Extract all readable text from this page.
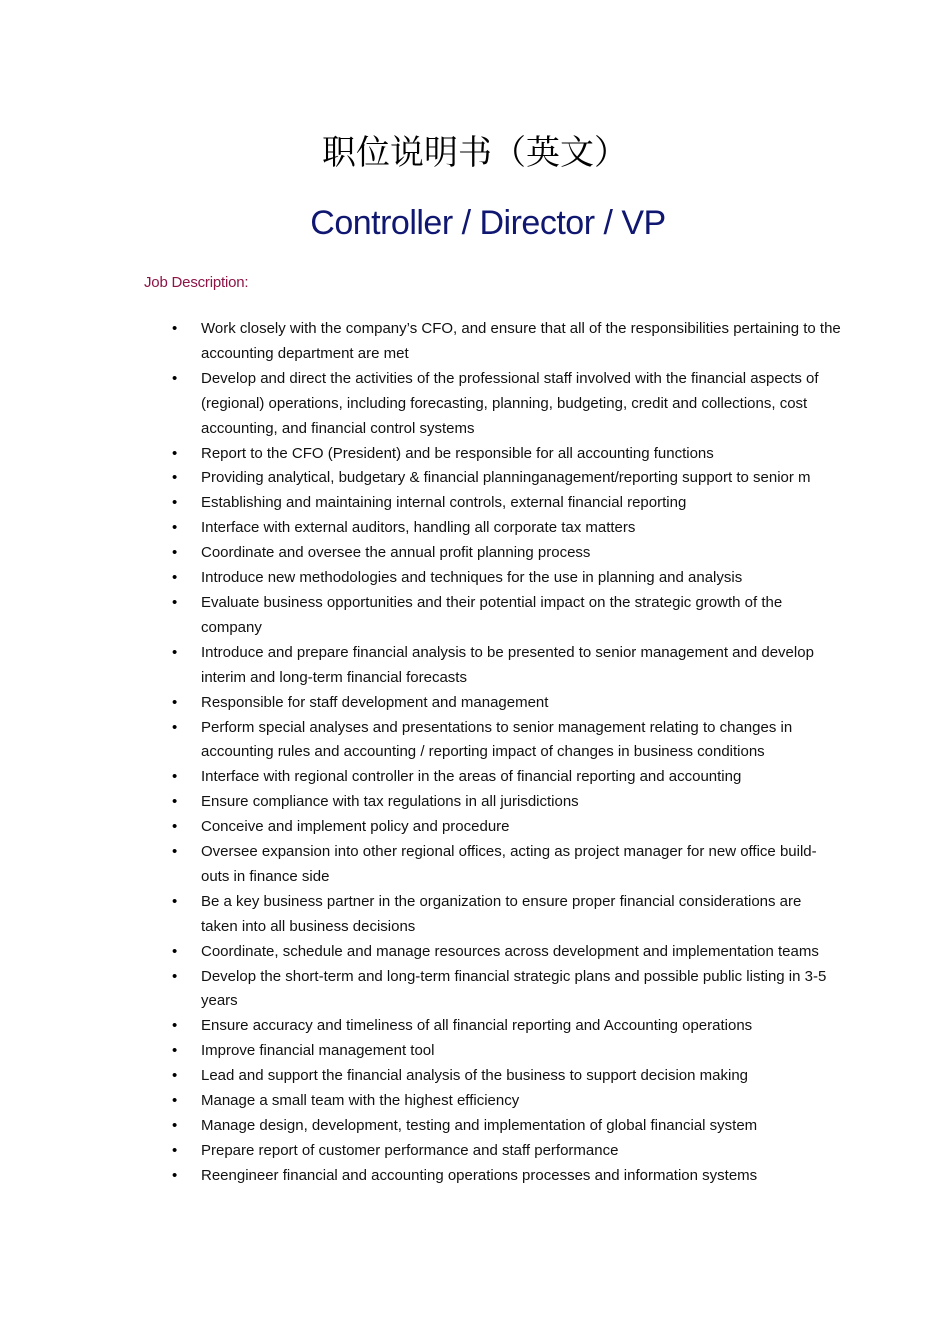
职位说明书（英文）
Controller / Director / VP
Job Description:
• Work closely with the company’s CFO, and ensure that all of the responsibilities pertaining to the accounting department are met
• Develop and direct the activities of the professional staff involved with the financial aspects of (regional) operations, including forecasting, planning, budgeting, credit and collections, cost accounting, and financial control systems
• Report to the CFO (President) and be responsible for all accounting functions
• Providing analytical, budgetary & financial planninganagement/reporting support to senior m
• Establishing and maintaining internal controls, external financial reporting
• Interface with external auditors, handling all corporate tax matters
• Coordinate and oversee the annual profit planning process
• Introduce new methodologies and techniques for the use in planning and analysis
• Evaluate business opportunities and their potential impact on the strategic growth of the company
• Introduce and prepare financial analysis to be presented to senior management and develop interim and long-term financial forecasts
• Responsible for staff development and management
• Perform special analyses and presentations to senior management relating to changes in accounting rules and accounting / reporting impact of changes in business conditions
• Interface with regional controller in the areas of financial reporting and accounting
• Ensure compliance with tax regulations in all jurisdictions
• Conceive and implement policy and procedure
• Oversee expansion into other regional offices, acting as project manager for new office build-outs in finance side
• Be a key business partner in the organization to ensure proper financial considerations are taken into all business decisions
• Coordinate, schedule and manage resources across development and implementation teams
• Develop the short-term and long-term financial strategic plans and possible public listing in 3-5 years
• Ensure accuracy and timeliness of all financial reporting and Accounting operations
• Improve financial management tool
• Lead and support the financial analysis of the business to support decision making
• Manage a small team with the highest efficiency
• Manage design, development, testing and implementation of global financial system
• Prepare report of customer performance and staff performance
• Reengineer financial and accounting operations processes and information systems
